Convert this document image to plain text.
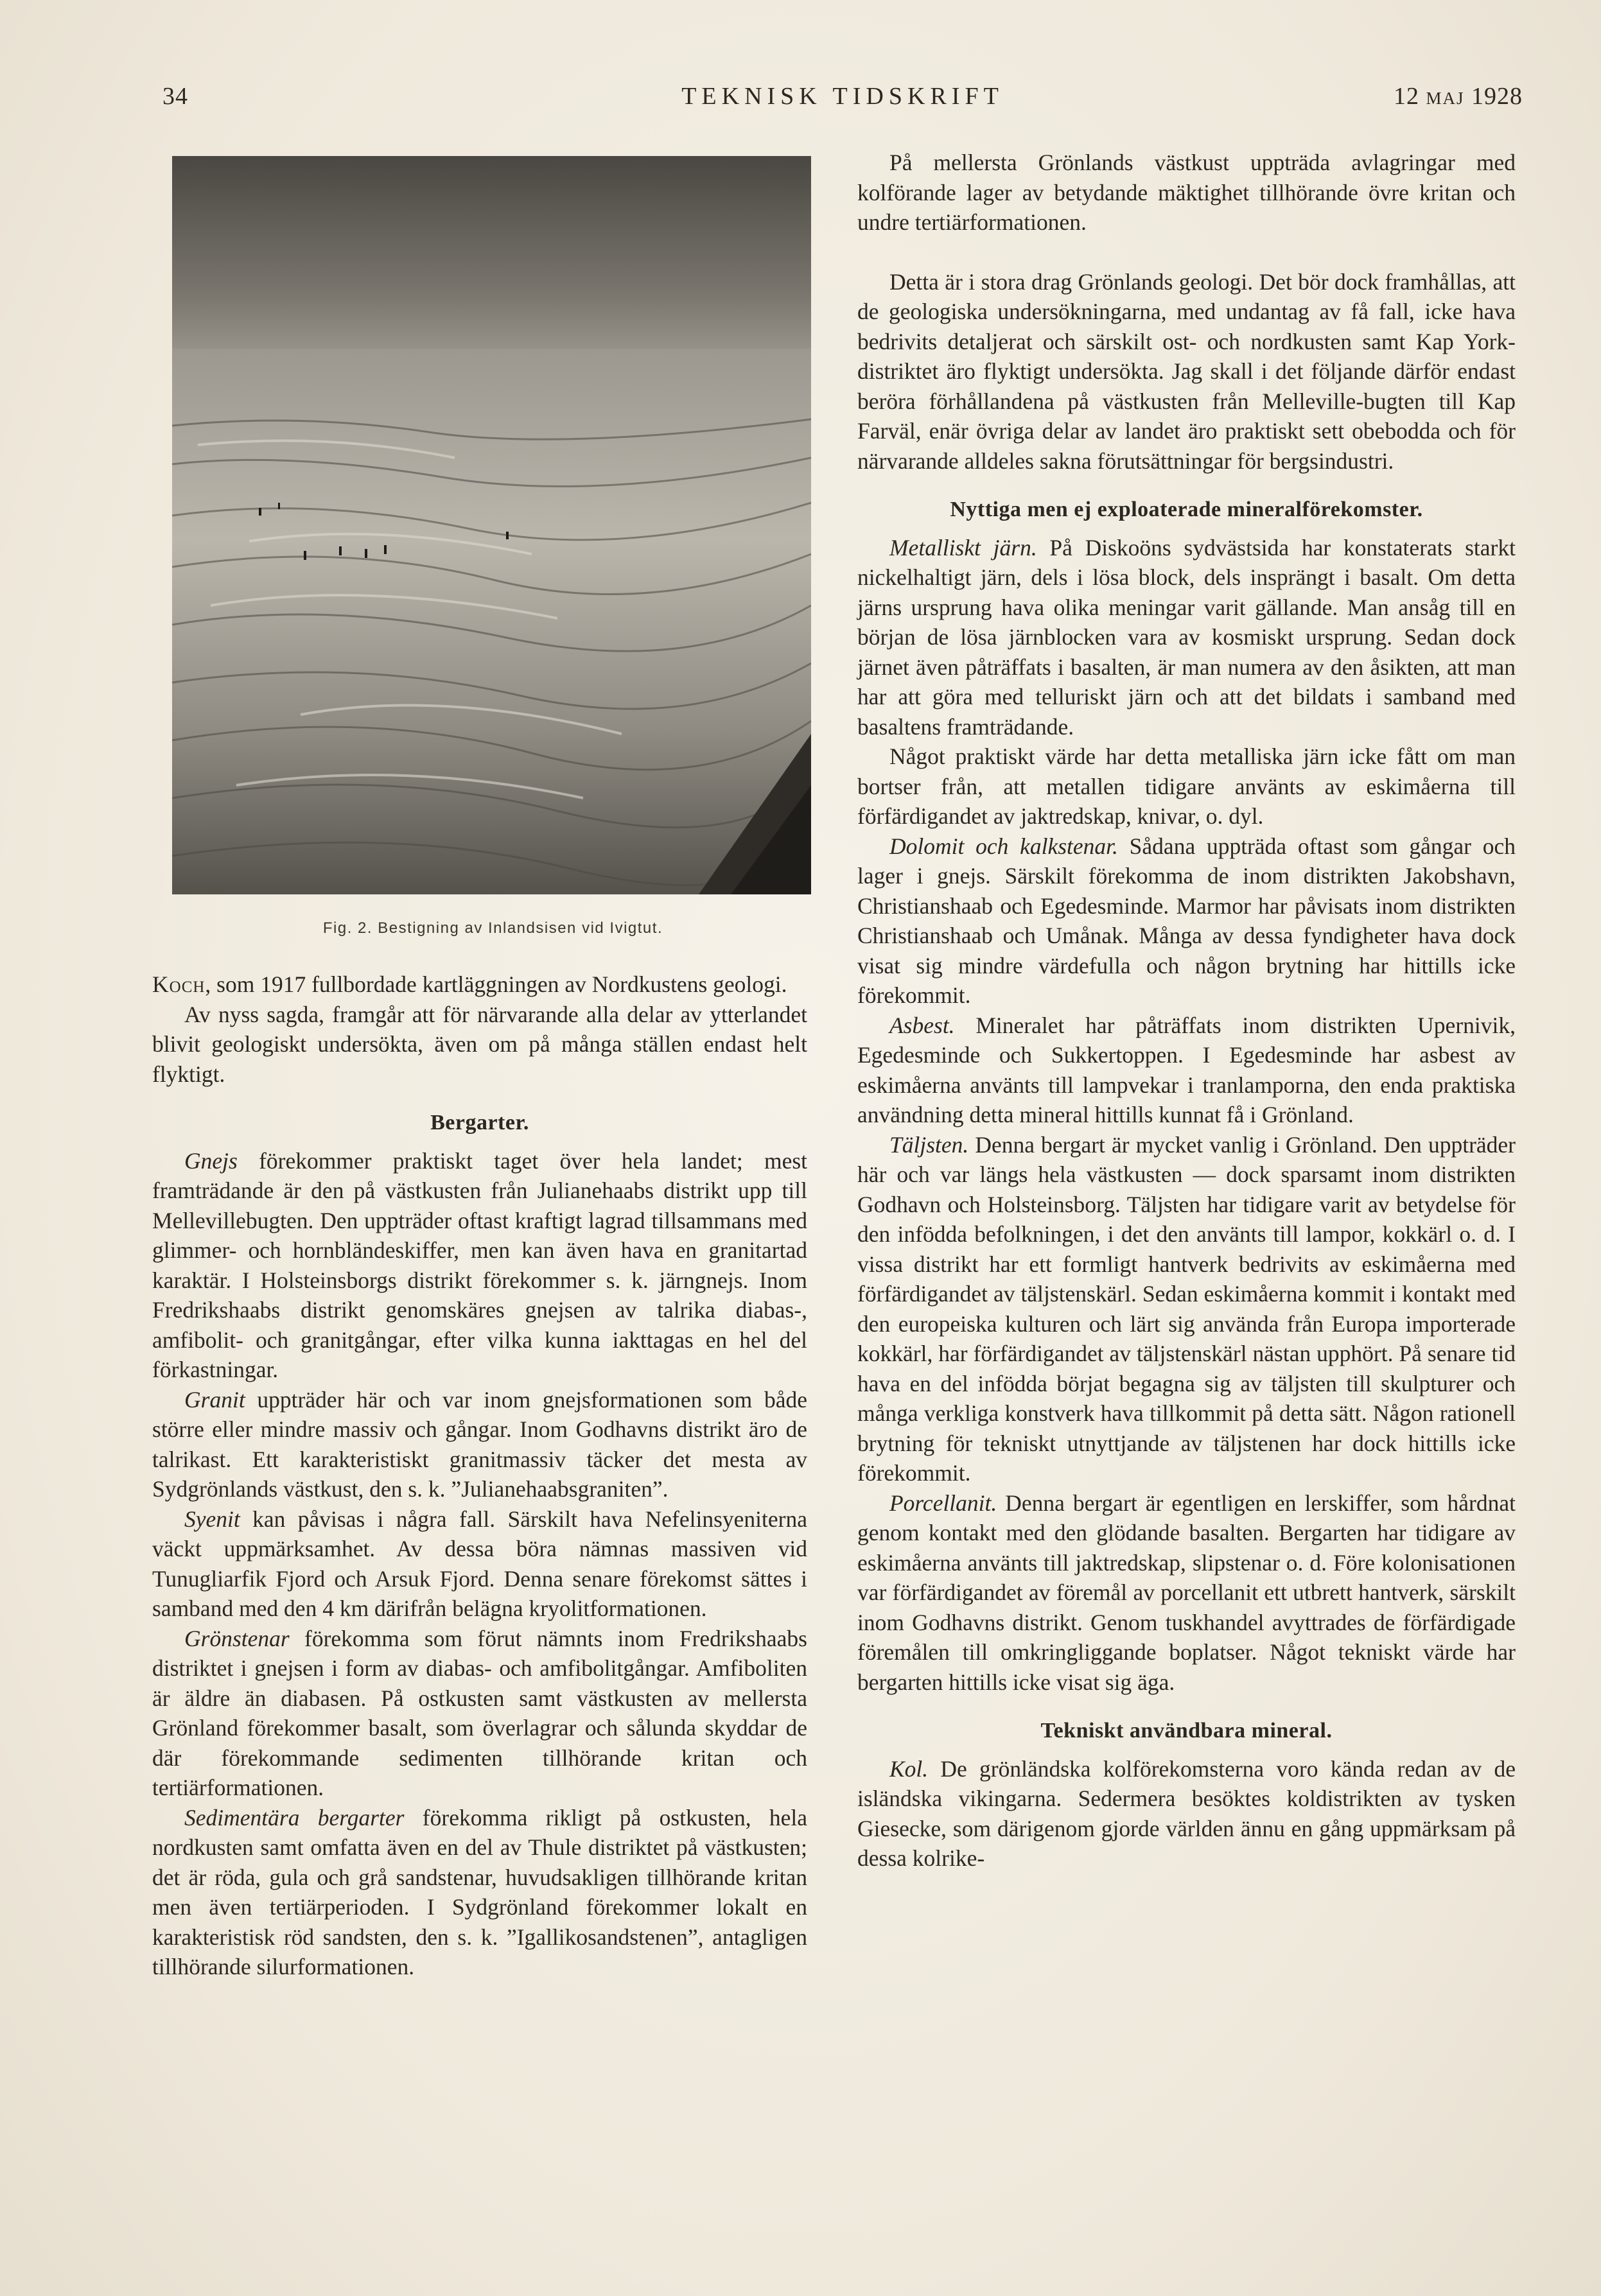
34	TEKNISK TIDSKRIFT	12 MAJ 1928
Fig. 2. Bestigning av Inlandsisen vid Ivigtut.

Koch, som 1917 fullbordade kartläggningen av Nordkustens geologi.

Av nyss sagda, framgår att för närvarande alla delar av ytterlandet blivit geologiskt undersökta, även om på många ställen endast helt flyktigt.

Bergarter.

Gnejs förekommer praktiskt taget över hela landet; mest framträdande är den på västkusten från Julianehaabs distrikt upp till Mellevillebugten. Den uppträder oftast kraftigt lagrad tillsammans med glimmer- och hornbländeskiffer, men kan även hava en granitartad karaktär. I Holsteinsborgs distrikt förekommer s. k. järngnejs. Inom Fredrikshaabs distrikt genomskäres gnejsen av talrika diabas-, amfibolit- och granitgångar, efter vilka kunna iakttagas en hel del förkastningar.

Granit uppträder här och var inom gnejsformationen som både större eller mindre massiv och gångar. Inom Godhavns distrikt äro de talrikast. Ett karakteristiskt granitmassiv täcker det mesta av Sydgrönlands västkust, den s. k. ”Julianehaabsgraniten”.

Syenit kan påvisas i några fall. Särskilt hava Nefelinsyeniterna väckt uppmärksamhet. Av dessa böra nämnas massiven vid Tunugliarfik Fjord och Arsuk Fjord. Denna senare förekomst sättes i samband med den 4 km därifrån belägna kryolitformationen.

Grönstenar förekomma som förut nämnts inom Fredrikshaabs distriktet i gnejsen i form av diabas- och amfibolitgångar. Amfiboliten är äldre än diabasen. På ostkusten samt västkusten av mellersta Grönland förekommer basalt, som överlagrar och sålunda skyddar de där förekommande sedimenten tillhörande kritan och tertiärformationen.

Sedimentära bergarter förekomma rikligt på ostkusten, hela nordkusten samt omfatta även en del av Thule distriktet på västkusten; det är röda, gula och grå sandstenar, huvudsakligen tillhörande kritan men även tertiärperioden. I Sydgrönland förekommer lokalt en karakteristisk röd sandsten, den s. k. ”Igallikosandstenen”, antagligen tillhörande silurformationen.

På mellersta Grönlands västkust uppträda avlagringar med kolförande lager av betydande mäktighet tillhörande övre kritan och undre tertiärformationen.

Detta är i stora drag Grönlands geologi. Det bör dock framhållas, att de geologiska undersökningarna, med undantag av få fall, icke hava bedrivits detaljerat och särskilt ost- och nordkusten samt Kap York-distriktet äro flyktigt undersökta. Jag skall i det följande därför endast beröra förhållandena på västkusten från Melleville-bugten till Kap Farväl, enär övriga delar av landet äro praktiskt sett obebodda och för närvarande alldeles sakna förutsättningar för bergsindustri.

Nyttiga men ej exploaterade mineralförekomster.

Metalliskt järn. På Diskoöns sydvästsida har konstaterats starkt nickelhaltigt järn, dels i lösa block, dels insprängt i basalt. Om detta järns ursprung hava olika meningar varit gällande. Man ansåg till en början de lösa järnblocken vara av kosmiskt ursprung. Sedan dock järnet även påträffats i basalten, är man numera av den åsikten, att man har att göra med telluriskt järn och att det bildats i samband med basaltens framträdande.

Något praktiskt värde har detta metalliska järn icke fått om man bortser från, att metallen tidigare använts av eskimåerna till förfärdigandet av jaktredskap, knivar, o. dyl.

Dolomit och kalkstenar. Sådana uppträda oftast som gångar och lager i gnejs. Särskilt förekomma de inom distrikten Jakobshavn, Christianshaab och Egedesminde. Marmor har påvisats inom distrikten Christianshaab och Umånak. Många av dessa fyndigheter hava dock visat sig mindre värdefulla och någon brytning har hittills icke förekommit.

Asbest. Mineralet har påträffats inom distrikten Upernivik, Egedesminde och Sukkertoppen. I Egedesminde har asbest av eskimåerna använts till lampvekar i tranlamporna, den enda praktiska användning detta mineral hittills kunnat få i Grönland.

Täljsten. Denna bergart är mycket vanlig i Grönland. Den uppträder här och var längs hela västkusten — dock sparsamt inom distrikten Godhavn och Holsteinsborg. Täljsten har tidigare varit av betydelse för den infödda befolkningen, i det den använts till lampor, kokkärl o. d. I vissa distrikt har ett formligt hantverk bedrivits av eskimåerna med förfärdigandet av täljstenskärl. Sedan eskimåerna kommit i kontakt med den europeiska kulturen och lärt sig använda från Europa importerade kokkärl, har förfärdigandet av täljstenskärl nästan upphört. På senare tid hava en del infödda börjat begagna sig av täljsten till skulpturer och många verkliga konstverk hava tillkommit på detta sätt. Någon rationell brytning för tekniskt utnyttjande av täljstenen har dock hittills icke förekommit.

Porcellanit. Denna bergart är egentligen en lerskiffer, som hårdnat genom kontakt med den glödande basalten. Bergarten har tidigare av eskimåerna använts till jaktredskap, slipstenar o. d. Före kolonisationen var förfärdigandet av föremål av porcellanit ett utbrett hantverk, särskilt inom Godhavns distrikt. Genom tuskhandel avyttrades de förfärdigade föremålen till omkringliggande boplatser. Något tekniskt värde har bergarten hittills icke visat sig äga.

Tekniskt användbara mineral.

Kol. De grönländska kolförekomsterna voro kända redan av de isländska vikingarna. Sedermera besöktes koldistrikten av tysken Giesecke, som därigenom gjorde världen ännu en gång uppmärksam på dessa kolrike-
